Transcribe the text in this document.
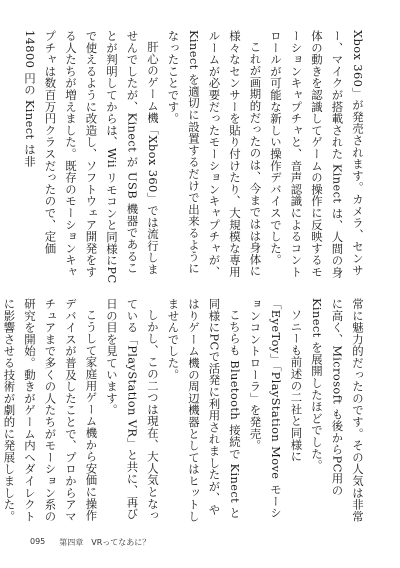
Xbox 360」が発売されます。カメラ、センサー、マイクが搭載された Kinect は、人間の身体の動きを認識してゲームの操作に反映するモーションキャプチャと、音声認識によるコントロールが可能な新しい操作デバイスでした。

これが画期的だったのは、今まではは身体に様々なセンサーを貼り付けたり、大規模な専用ルームが必要だったモーションキャプチャが、Kinect を適切に設置するだけで出来るようになったことです。

肝心のゲーム機「Xbox 360」では流行しませんでしたが、Kinect が USB 機器であることが判明してからは、Wii リモコンと同様にPCで使えるように改造し、ソフトウェア開発をする人たちが増えました。既存のモーションキャプチャは数百万円クラスだったので、定価 14800 円の Kinect は非

常に魅力的だったのです。その人気は非常に高く、Microsoft も後からPC用の Kinect を展開したほどでした。

ソニーも前述の二社と同様に「EyeToy」「PlayStation Move モーションコントローラ」を発売。

こちらも Bluetooth 接続で Kinect と同様にPCで活発に利用されましたが、やはりゲーム機の周辺機器としてはヒットしませんでした。

しかし、この二つは現在、大人気となっている「PlayStation VR」と共に、再び日の目を見ています。

こうして家庭用ゲーム機から安価に操作デバイスが普及したことで、プロからアマチュアまで多くの人たちがモーション系の研究を開始。動きがゲーム内へダイレクトに影響させる技術が劇的に発展しました。

095 第四章　VRってなあに？
